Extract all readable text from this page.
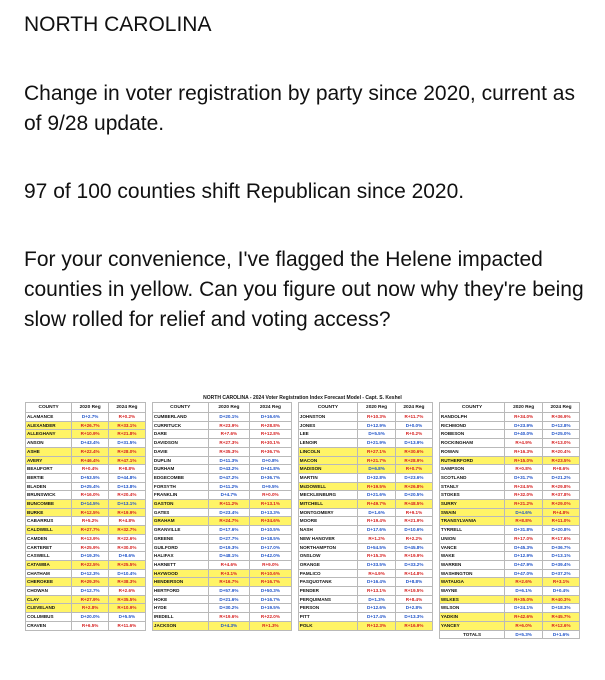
NORTH CAROLINA
Change in voter registration by party since 2020, current as of 9/28 update.
97 of 100 counties shift Republican since 2020.
For your convenience, I've flagged the Helene impacted counties in yellow. Can you figure out now why they're being slow rolled for relief and voting access?
NORTH CAROLINA - 2024 Voter Registration Index Forecast Model - Capt. S. Keshel
COUNTY	2020 Reg	2024 Reg		COUNTY	2020 Reg	2024 Reg		COUNTY	2020 Reg	2024 Reg		COUNTY	2020 Reg	2024 Reg
ALAMANCE	D+2.7%	R+0.2%		CUMBERLAND	D+20.1%	D+16.6%		JOHNSTON	R+10.3%	R+11.7%		RANDOLPH	R+34.0%	R+36.9%
ALEXANDER	R+26.7%	R+33.1%		CURRITUCK	R+23.9%	R+28.8%		JONES	D+12.9%	D+0.0%		RICHMOND	D+23.9%	D+12.8%
ALLEGHANY	R+10.9%	R+21.8%		DARE	R+7.6%	R+12.8%		LEE	D+5.5%	R+0.2%		ROBESON	D+40.0%	D+25.0%
ANSON	D+43.4%	D+31.5%		DAVIDSON	R+27.3%	R+30.1%		LENOIR	D+21.9%	D+13.9%		ROCKINGHAM	R+4.9%	R+13.0%
ASHE	R+22.4%	R+28.0%		DAVIE	R+35.3%	R+36.7%		LINCOLN	R+27.1%	R+30.6%		ROWAN	R+16.3%	R+20.4%
AVERY	R+46.4%	R+47.1%		DUPLIN	D+11.3%	D+0.8%		MACON	R+21.7%	R+28.9%		RUTHERFORD	R+15.0%	R+23.5%
BEAUFORT	R+0.4%	R+8.8%		DURHAM	D+43.2%	D+41.8%		MADISON	D+6.8%	R+0.7%		SAMPSON	R+0.8%	R+8.6%
BERTIE	D+53.5%	D+44.8%		EDGECOMBE	D+47.2%	D+36.7%		MARTIN	D+32.8%	D+23.6%		SCOTLAND	D+31.7%	D+21.2%
BLADEN	D+25.4%	D+13.8%		FORSYTH	D+11.2%	D+9.5%		McDOWELL	R+19.5%	R+26.8%		STANLY	R+24.5%	R+29.8%
BRUNSWICK	R+16.0%	R+20.4%		FRANKLIN	D+4.7%	R+0.0%		MECKLENBURG	D+21.6%	D+20.5%		STOKES	R+32.0%	R+37.8%
BUNCOMBE	D+14.5%	D+13.1%		GASTON	R+11.2%	R+13.1%		MITCHELL	R+49.7%	R+48.5%		SURRY	R+21.2%	R+29.0%
BURKE	R+12.5%	R+19.9%		GATES	D+23.4%	D+13.3%		MONTGOMERY	D+1.6%	R+9.1%		SWAIN	D+4.6%	R+4.8%
CABARRUS	R+5.2%	R+4.8%		GRAHAM	R+24.7%	R+34.6%		MOORE	R+19.4%	R+21.9%		TRANSYLVANIA	R+8.8%	R+11.0%
CALDWELL	R+27.7%	R+32.7%		GRANVILLE	D+17.6%	D+10.5%		NASH	D+17.6%	D+10.6%		TYRRELL	D+31.8%	D+20.8%
CAMDEN	R+13.9%	R+22.6%		GREENE	D+27.7%	D+18.5%		NEW HANOVER	R+1.2%	R+2.2%		UNION	R+17.0%	R+17.6%
CARTERET	R+25.9%	R+30.0%		GUILFORD	D+19.3%	D+17.0%		NORTHAMPTON	D+54.5%	D+45.8%		VANCE	D+45.3%	D+36.7%
CASWELL	D+19.3%	D+8.6%		HALIFAX	D+48.1%	D+42.0%		ONSLOW	R+15.3%	R+19.9%		WAKE	D+12.9%	D+13.1%
CATAWBA	R+22.5%	R+25.5%		HARNETT	R+4.6%	R+9.0%		ORANGE	D+33.5%	D+33.2%		WARREN	D+47.9%	D+39.4%
CHATHAM	D+12.3%	D+10.4%		HAYWOOD	R+3.1%	R+10.6%		PAMLICO	R+4.9%	R+14.8%		WASHINGTON	D+47.0%	D+37.2%
CHEROKEE	R+29.3%	R+38.3%		HENDERSON	R+16.7%	R+16.7%		PASQUOTANK	D+16.4%	D+8.8%		WATAUGA	R+2.6%	R+3.1%
CHOWAN	D+12.7%	R+2.6%		HERTFORD	D+57.9%	D+50.3%		PENDER	R+13.1%	R+19.5%		WAYNE	D+6.1%	D+0.4%
CLAY	R+27.9%	R+35.5%		HOKE	D+21.6%	D+16.7%		PERQUIMANS	D+1.3%	R+8.4%		WILKES	R+35.0%	R+40.3%
CLEVELAND	R+2.8%	R+10.9%		HYDE	D+30.2%	D+19.5%		PERSON	D+12.6%	D+2.8%		WILSON	D+24.1%	D+18.3%
COLUMBUS	D+20.0%	D+5.5%		IREDELL	R+19.6%	R+22.0%		PITT	D+17.4%	D+13.3%		YADKIN	R+42.6%	R+45.7%
CRAVEN	R+6.5%	R+11.6%		JACKSON	D+4.3%	R+1.3%		POLK	R+12.3%	R+16.9%		YANCEY	R+6.0%	R+12.6%
												TOTALS	D+5.3%	D+1.6%
